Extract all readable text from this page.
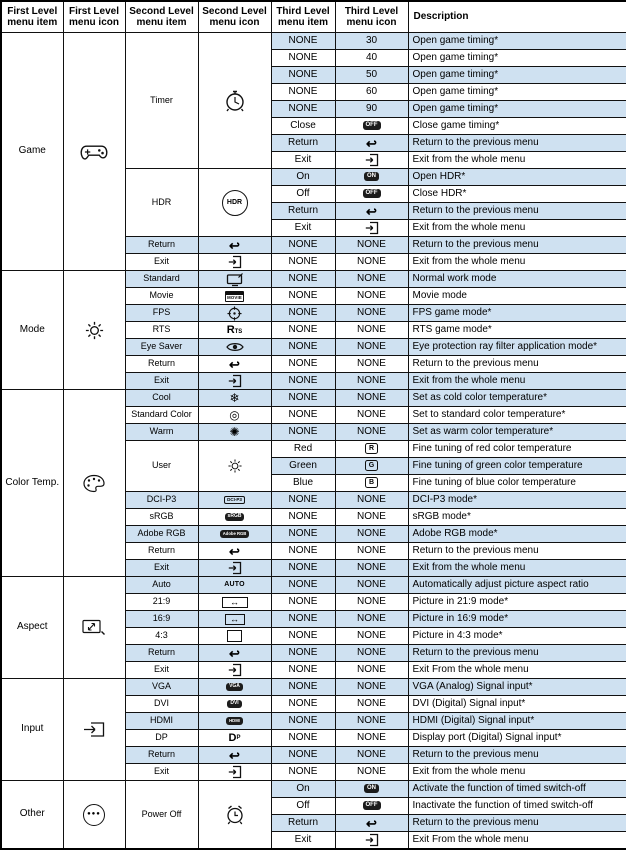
First Level menu item	First Level menu icon	Second Level menu item	Second Level menu icon	Third Level menu item	Third Level menu icon	Description
Game		Timer		NONE	30	Open game timing*
				NONE	40	Open game timing*
				NONE	50	Open game timing*
				NONE	60	Open game timing*
				NONE	90	Open game timing*
				Close	OFF	Close game timing*
				Return	↩	Return to the previous menu
				Exit		Exit from the whole menu
		HDR	HDR	On	ON	Open HDR*
				Off	OFF	Close HDR*
				Return	↩	Return to the previous menu
				Exit		Exit from the whole menu
		Return	↩	NONE	NONE	Return to the previous menu
		Exit		NONE	NONE	Exit from the whole menu
Mode		Standard		NONE	NONE	Normal work mode
		Movie	MOVIE	NONE	NONE	Movie mode
		FPS		NONE	NONE	FPS game mode*
		RTS	RTS	NONE	NONE	RTS game mode*
		Eye Saver		NONE	NONE	Eye protection ray filter application mode*
		Return	↩	NONE	NONE	Return to the previous menu
		Exit		NONE	NONE	Exit from the whole menu
Color Temp.		Cool	❄	NONE	NONE	Set as cold color temperature*
		Standard Color	◎	NONE	NONE	Set to standard color temperature*
		Warm	✺	NONE	NONE	Set as warm color temperature*
		User		Red	R	Fine tuning of red color temperature
				Green	G	Fine tuning of green color temperature
				Blue	B	Fine tuning of blue color temperature
		DCI-P3	DCI-P3	NONE	NONE	DCI-P3 mode*
		sRGB	sRGB	NONE	NONE	sRGB mode*
		Adobe RGB	Adobe RGB	NONE	NONE	Adobe RGB mode*
		Return	↩	NONE	NONE	Return to the previous menu
		Exit		NONE	NONE	Exit from the whole menu
Aspect		Auto	AUTO	NONE	NONE	Automatically adjust picture aspect ratio
		21:9	↔	NONE	NONE	Picture in 21:9 mode*
		16:9	↔	NONE	NONE	Picture in 16:9 mode*
		4:3		NONE	NONE	Picture in 4:3 mode*
		Return	↩	NONE	NONE	Return to the previous menu
		Exit		NONE	NONE	Exit From the whole menu
Input		VGA	VGA	NONE	NONE	VGA (Analog) Signal input*
		DVI	DVI	NONE	NONE	DVI (Digital) Signal input*
		HDMI	HDMI	NONE	NONE	HDMI (Digital) Signal input*
		DP	DP	NONE	NONE	Display port (Digital) Signal input*
		Return	↩	NONE	NONE	Return to the previous menu
		Exit		NONE	NONE	Exit from the whole menu
Other	●●●	Power Off		On	ON	Activate the function of timed switch-off
				Off	OFF	Inactivate the function of timed switch-off
				Return	↩	Return to the previous menu
				Exit		Exit From the whole menu
